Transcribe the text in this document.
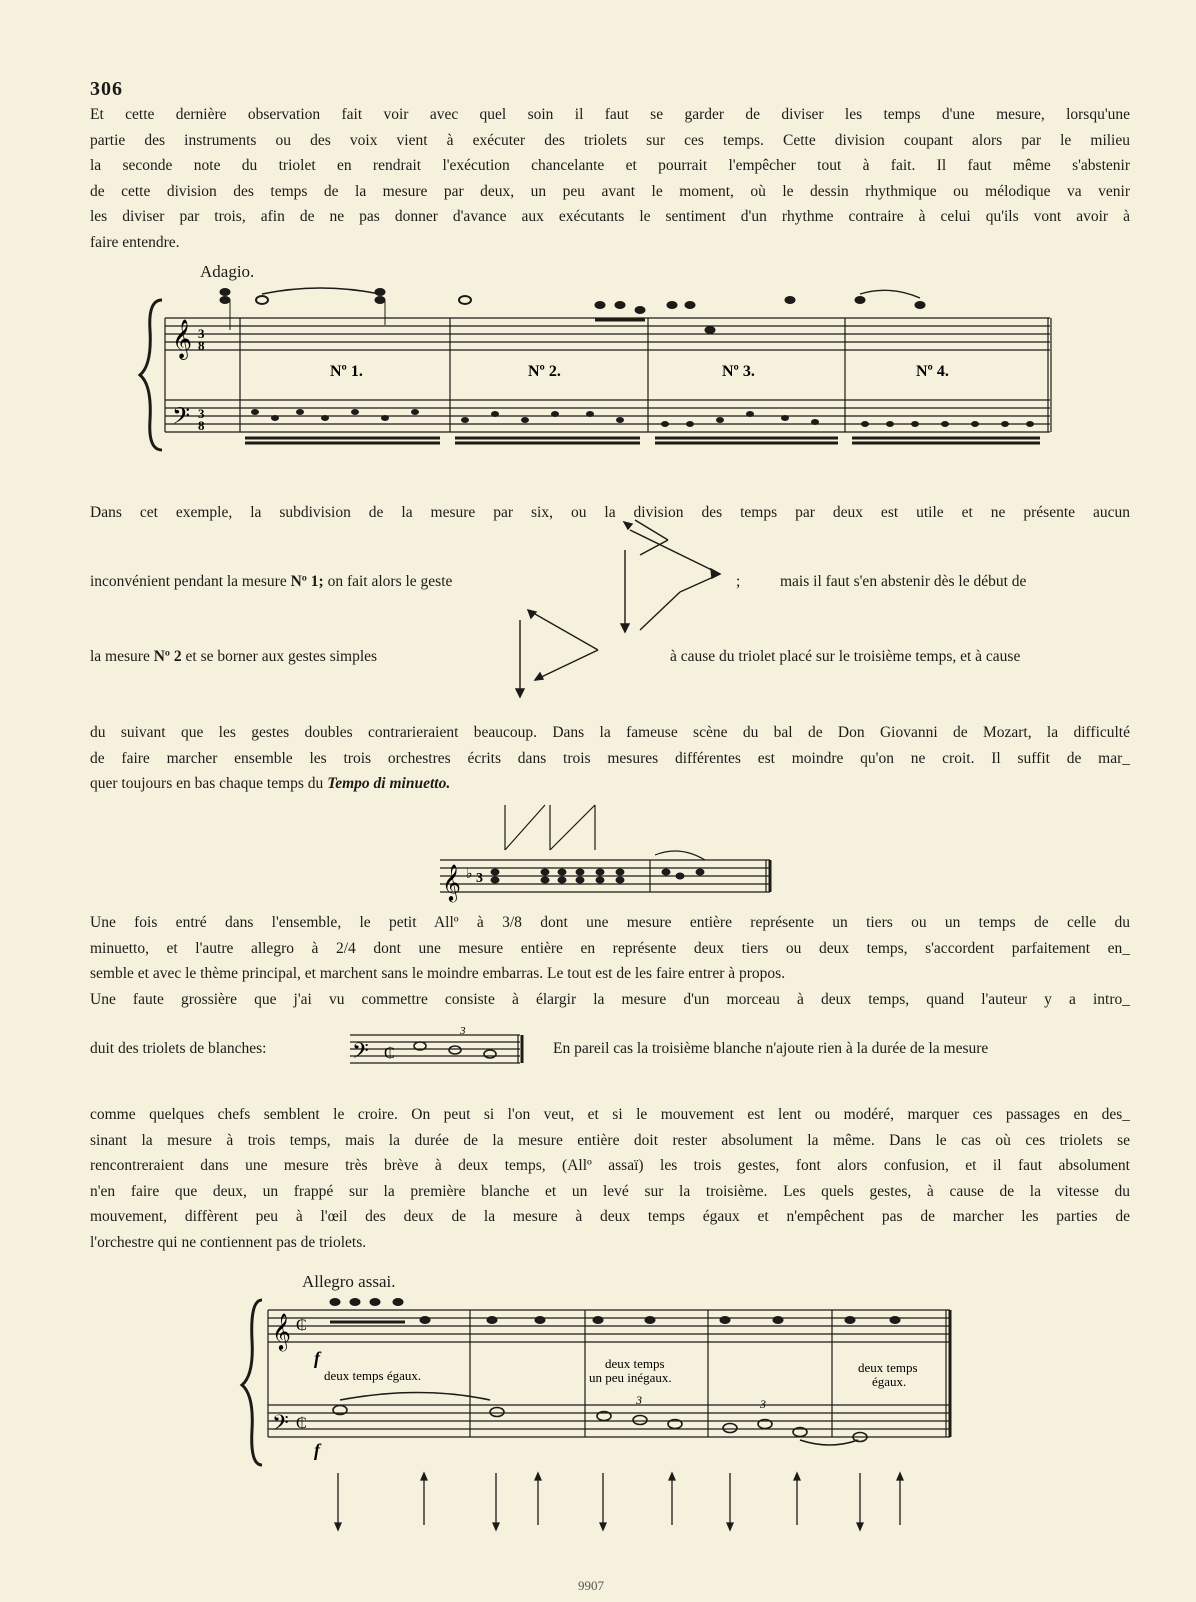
306
Et cette dernière observation fait voir avec quel soin il faut se garder de diviser les temps d'une mesure, lorsqu'une
partie des instruments ou des voix vient à exécuter des triolets sur ces temps. Cette division coupant alors par le milieu
la seconde note du triolet en rendrait l'exécution chancelante et pourrait l'empêcher tout à fait. Il faut même s'abstenir
de cette division des temps de la mesure par deux, un peu avant le moment, où le dessin rhythmique ou mélodique va venir
les diviser par trois, afin de ne pas donner d'avance aux exécutants le sentiment d'un rhythme contraire à celui qu'ils vont avoir à
faire entendre.
Adagio.
𝄞 3
8
𝄢 3
8
Nº 1.	Nº 2.	Nº 3.	Nº 4.
𝄞 ♭ 3
𝄢 ₵
3
𝄞 ₵
𝄢 ₵
3	3
f
f
deux temps égaux.
deux temps
un peu inégaux.
deux temps
égaux.
Dans cet exemple, la subdivision de la mesure par six, ou la division des temps par deux est utile et ne présente aucun
inconvénient pendant la mesure Nº 1; on fait alors le geste	;	mais il faut s'en abstenir dès le début de
la mesure Nº 2 et se borner aux gestes simples	à cause du triolet placé sur le troisième temps, et à cause
du suivant que les gestes doubles contrarieraient beaucoup. Dans la fameuse scène du bal de Don Giovanni de Mozart, la difficulté
de faire marcher ensemble les trois orchestres écrits dans trois mesures différentes est moindre qu'on ne croit. Il suffit de mar_
quer toujours en bas chaque temps du Tempo di minuetto.
Une fois entré dans l'ensemble, le petit Allº à 3/8 dont une mesure entière représente un tiers ou un temps de celle du
minuetto, et l'autre allegro à 2/4 dont une mesure entière en représente deux tiers ou deux temps, s'accordent parfaitement en_
semble et avec le thème principal, et marchent sans le moindre embarras. Le tout est de les faire entrer à propos.
Une faute grossière que j'ai vu commettre consiste à élargir la mesure d'un morceau à deux temps, quand l'auteur y a intro_
duit des triolets de blanches:	En pareil cas la troisième blanche n'ajoute rien à la durée de la mesure
comme quelques chefs semblent le croire. On peut si l'on veut, et si le mouvement est lent ou modéré, marquer ces passages en des_
sinant la mesure à trois temps, mais la durée de la mesure entière doit rester absolument la même. Dans le cas où ces triolets se
rencontreraient dans une mesure très brève à deux temps, (Allº assaï) les trois gestes, font alors confusion, et il faut absolument
n'en faire que deux, un frappé sur la première blanche et un levé sur la troisième. Les quels gestes, à cause de la vitesse du
mouvement, diffèrent peu à l'œil des deux de la mesure à deux temps égaux et n'empêchent pas de marcher les parties de
l'orchestre qui ne contiennent pas de triolets.
Allegro assai.
9907
